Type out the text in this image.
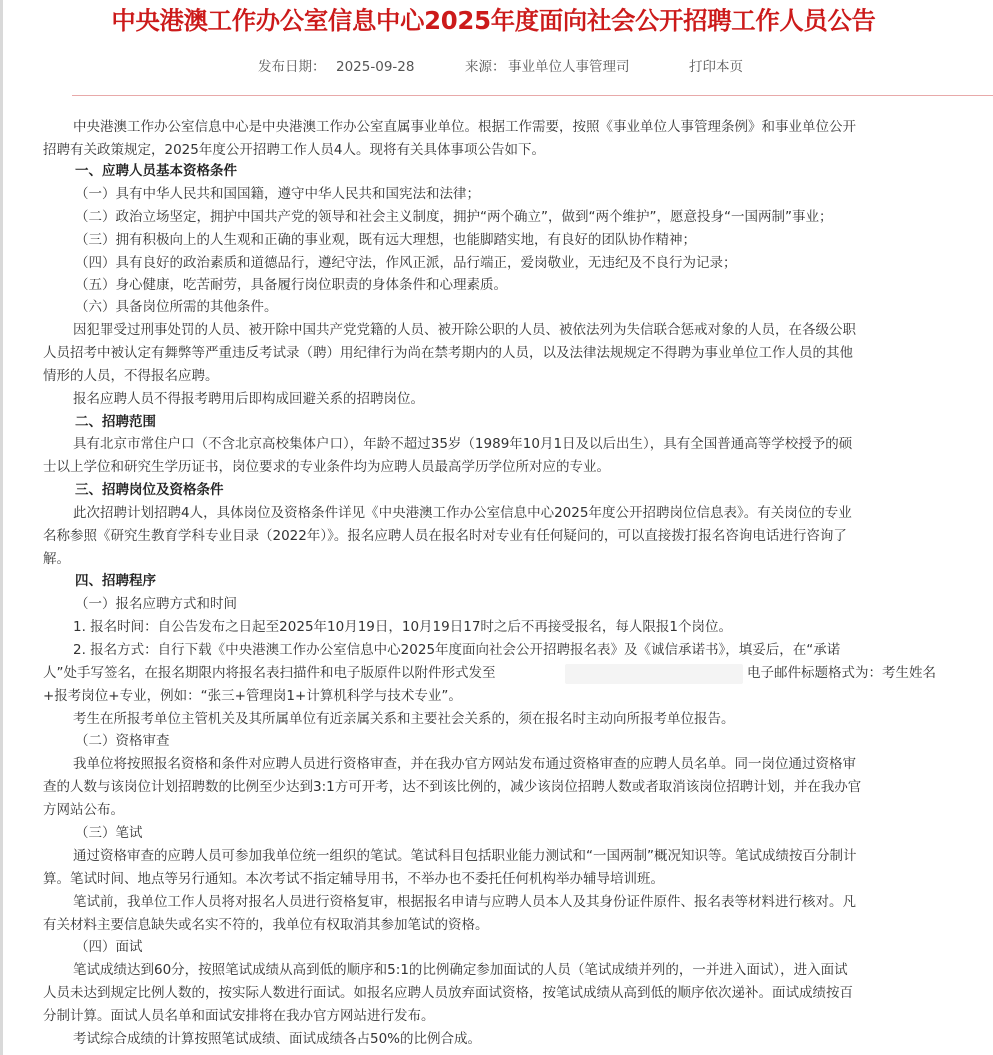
中央港澳工作办公室信息中心2025年度面向社会公开招聘工作人员公告
发布日期： 2025-09-28	来源： 事业单位人事管理司	打印本页
中央港澳工作办公室信息中心是中央港澳工作办公室直属事业单位。根据工作需要，按照《事业单位人事管理条例》和事业单位公开
招聘有关政策规定，2025年度公开招聘工作人员4人。现将有关具体事项公告如下。
一、应聘人员基本资格条件
（一）具有中华人民共和国国籍，遵守中华人民共和国宪法和法律；
（二）政治立场坚定，拥护中国共产党的领导和社会主义制度，拥护“两个确立”，做到“两个维护”，愿意投身“一国两制”事业；
（三）拥有积极向上的人生观和正确的事业观，既有远大理想，也能脚踏实地，有良好的团队协作精神；
（四）具有良好的政治素质和道德品行，遵纪守法，作风正派，品行端正，爱岗敬业，无违纪及不良行为记录；
（五）身心健康，吃苦耐劳，具备履行岗位职责的身体条件和心理素质。
（六）具备岗位所需的其他条件。
因犯罪受过刑事处罚的人员、被开除中国共产党党籍的人员、被开除公职的人员、被依法列为失信联合惩戒对象的人员，在各级公职
人员招考中被认定有舞弊等严重违反考试录（聘）用纪律行为尚在禁考期内的人员，以及法律法规规定不得聘为事业单位工作人员的其他
情形的人员，不得报名应聘。
报名应聘人员不得报考聘用后即构成回避关系的招聘岗位。
二、招聘范围
具有北京市常住户口（不含北京高校集体户口），年龄不超过35岁（1989年10月1日及以后出生），具有全国普通高等学校授予的硕
士以上学位和研究生学历证书，岗位要求的专业条件均为应聘人员最高学历学位所对应的专业。
三、招聘岗位及资格条件
此次招聘计划招聘4人，具体岗位及资格条件详见《中央港澳工作办公室信息中心2025年度公开招聘岗位信息表》。有关岗位的专业
名称参照《研究生教育学科专业目录（2022年）》。报名应聘人员在报名时对专业有任何疑问的，可以直接拨打报名咨询电话进行咨询了
解。
四、招聘程序
（一）报名应聘方式和时间
1. 报名时间：自公告发布之日起至2025年10月19日，10月19日17时之后不再接受报名，每人限报1个岗位。
2. 报名方式：自行下载《中央港澳工作办公室信息中心2025年度面向社会公开招聘报名表》及《诚信承诺书》，填妥后，在“承诺
人”处手写签名，在报名期限内将报名表扫描件和电子版原件以附件形式发至	电子邮件标题格式为：考生姓名
+报考岗位+专业，例如：“张三+管理岗1+计算机科学与技术专业”。
考生在所报考单位主管机关及其所属单位有近亲属关系和主要社会关系的，须在报名时主动向所报考单位报告。
（二）资格审查
我单位将按照报名资格和条件对应聘人员进行资格审查，并在我办官方网站发布通过资格审查的应聘人员名单。同一岗位通过资格审
查的人数与该岗位计划招聘数的比例至少达到3:1方可开考，达不到该比例的，减少该岗位招聘人数或者取消该岗位招聘计划，并在我办官
方网站公布。
（三）笔试
通过资格审查的应聘人员可参加我单位统一组织的笔试。笔试科目包括职业能力测试和“一国两制”概况知识等。笔试成绩按百分制计
算。笔试时间、地点等另行通知。本次考试不指定辅导用书，不举办也不委托任何机构举办辅导培训班。
笔试前，我单位工作人员将对报名人员进行资格复审，根据报名申请与应聘人员本人及其身份证件原件、报名表等材料进行核对。凡
有关材料主要信息缺失或名实不符的，我单位有权取消其参加笔试的资格。
（四）面试
笔试成绩达到60分，按照笔试成绩从高到低的顺序和5:1的比例确定参加面试的人员（笔试成绩并列的，一并进入面试），进入面试
人员未达到规定比例人数的，按实际人数进行面试。如报名应聘人员放弃面试资格，按笔试成绩从高到低的顺序依次递补。面试成绩按百
分制计算。面试人员名单和面试安排将在我办官方网站进行发布。
考试综合成绩的计算按照笔试成绩、面试成绩各占50%的比例合成。
